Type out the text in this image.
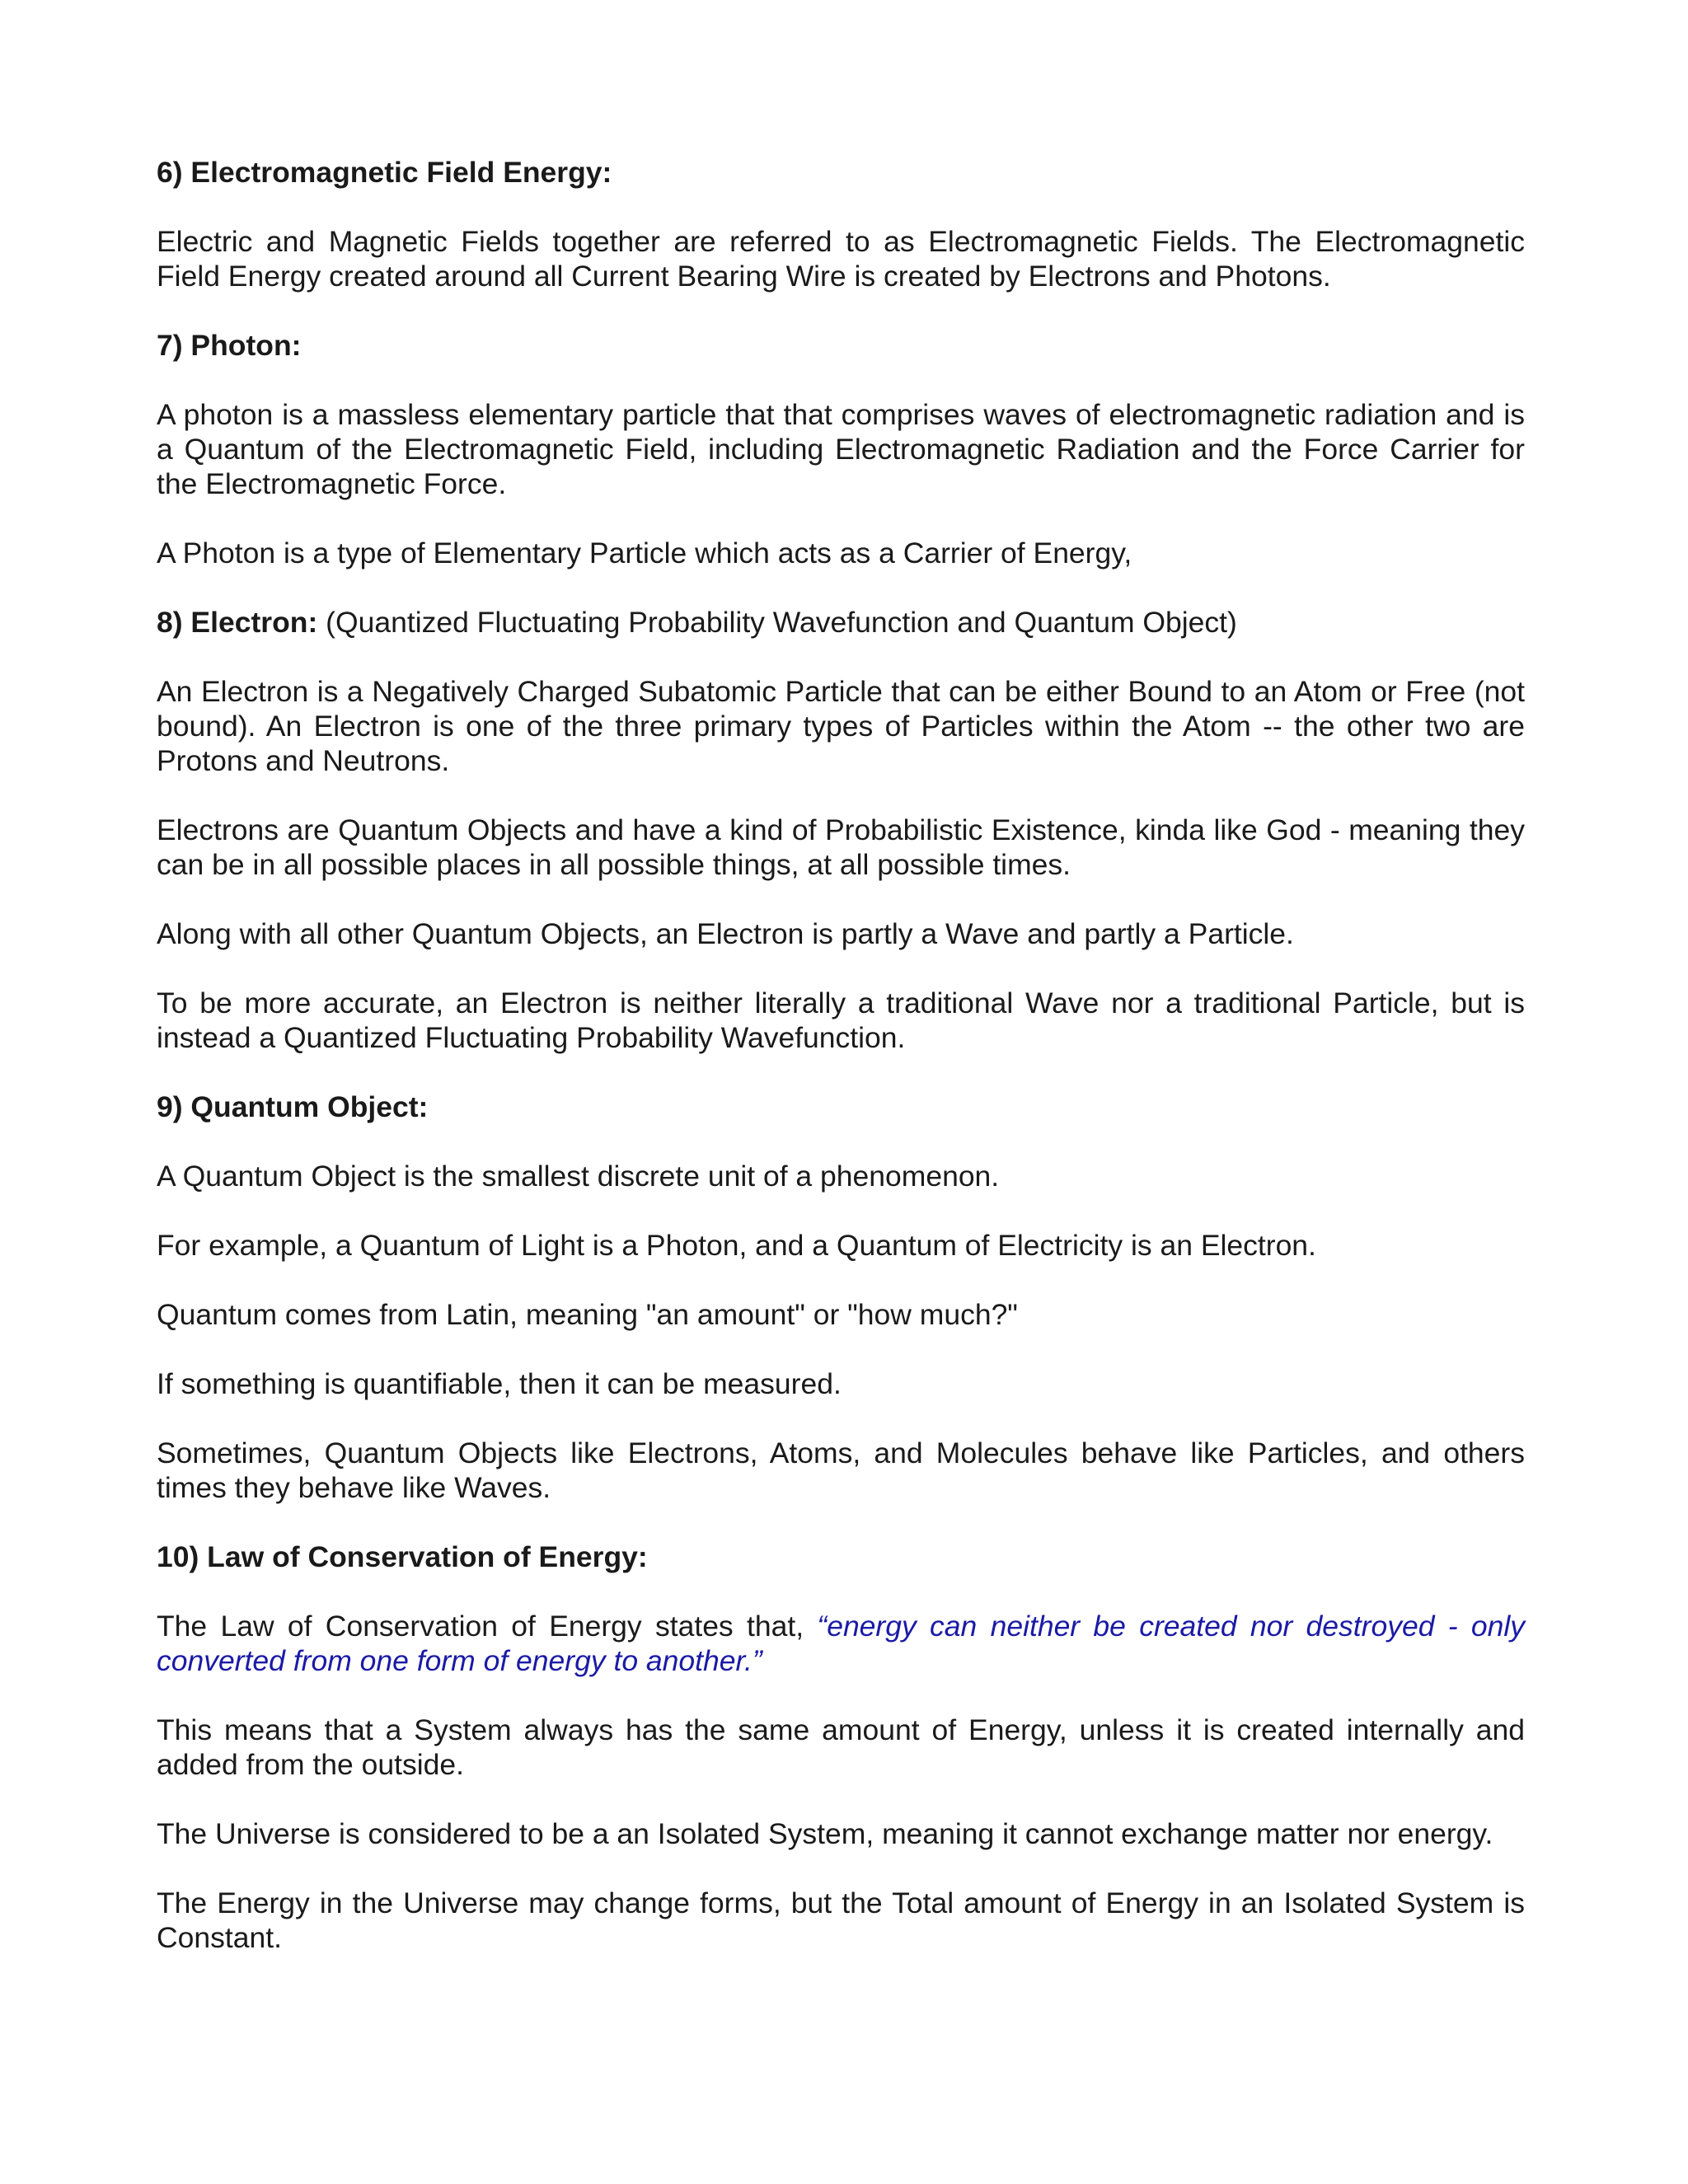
6) Electromagnetic Field Energy:

Electric and Magnetic Fields together are referred to as Electromagnetic Fields. The Electromagnetic Field Energy created around all Current Bearing Wire is created by Electrons and Photons.

7) Photon:

A photon is a massless elementary particle that that comprises waves of electromagnetic radiation and is a Quantum of the Electromagnetic Field, including Electromagnetic Radiation and the Force Carrier for the Electromagnetic Force.

A Photon is a type of Elementary Particle which acts as a Carrier of Energy,

8) Electron: (Quantized Fluctuating Probability Wavefunction and Quantum Object)

An Electron is a Negatively Charged Subatomic Particle that can be either Bound to an Atom or Free (not bound). An Electron is one of the three primary types of Particles within the Atom -- the other two are Protons and Neutrons.

Electrons are Quantum Objects and have a kind of Probabilistic Existence, kinda like God - meaning they can be in all possible places in all possible things, at all possible times.

Along with all other Quantum Objects, an Electron is partly a Wave and partly a Particle.

To be more accurate, an Electron is neither literally a traditional Wave nor a traditional Particle, but is instead a Quantized Fluctuating Probability Wavefunction.

9) Quantum Object:

A Quantum Object is the smallest discrete unit of a phenomenon.

For example, a Quantum of Light is a Photon, and a Quantum of Electricity is an Electron.

Quantum comes from Latin, meaning "an amount" or "how much?"

If something is quantifiable, then it can be measured.

Sometimes, Quantum Objects like Electrons, Atoms, and Molecules behave like Particles, and others times they behave like Waves.

10) Law of Conservation of Energy:

The Law of Conservation of Energy states that, “energy can neither be created nor destroyed - only converted from one form of energy to another.”

This means that a System always has the same amount of Energy, unless it is created internally and added from the outside.

The Universe is considered to be a an Isolated System, meaning it cannot exchange matter nor energy.

The Energy in the Universe may change forms, but the Total amount of Energy in an Isolated System is Constant.
